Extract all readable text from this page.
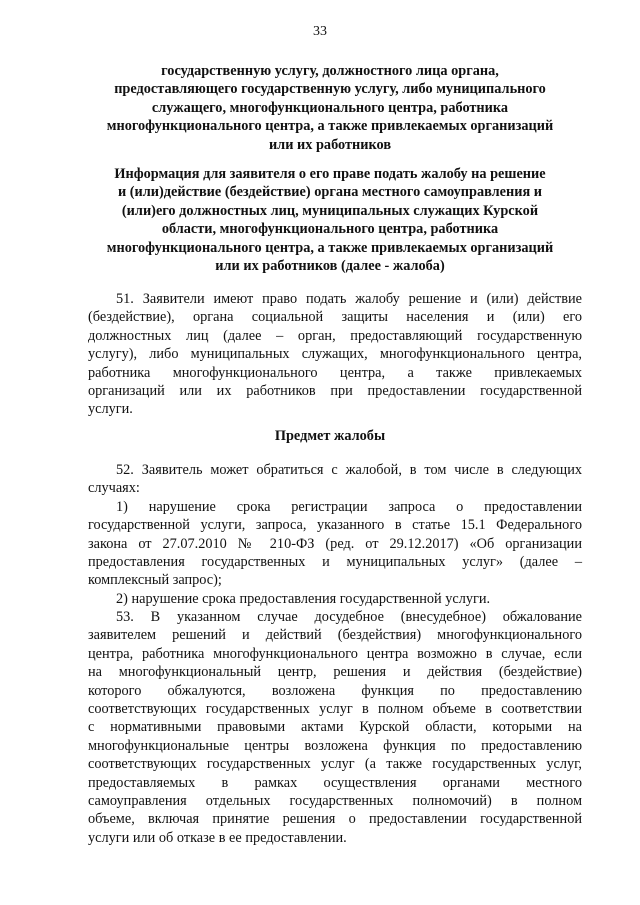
33
государственную услугу, должностного лица органа,
предоставляющего государственную услугу, либо муниципального
служащего, многофункционального центра, работника
многофункционального центра, а также привлекаемых организаций
или их работников
Информация для заявителя о его праве подать жалобу на решение
и (или)действие (бездействие) органа местного самоуправления и
(или)его должностных лиц, муниципальных служащих Курской
области, многофункционального центра, работника
многофункционального центра, а также привлекаемых организаций
или их работников (далее - жалоба)
51. Заявители имеют право подать жалобу решение и (или) действие
(бездействие), органа социальной защиты населения и (или) его
должностных лиц (далее – орган, предоставляющий государственную
услугу), либо муниципальных служащих, многофункционального центра,
работника многофункционального центра, а также привлекаемых
организаций или их работников при предоставлении государственной
услуги.
Предмет жалобы
52. Заявитель может обратиться с жалобой, в том числе в следующих
случаях:
1) нарушение срока регистрации запроса о предоставлении
государственной услуги, запроса, указанного в статье 15.1 Федерального
закона от 27.07.2010 № 210-ФЗ (ред. от 29.12.2017) «Об организации
предоставления государственных и муниципальных услуг» (далее –
комплексный запрос);
2) нарушение срока предоставления государственной услуги.
53. В указанном случае досудебное (внесудебное) обжалование
заявителем решений и действий (бездействия) многофункционального
центра, работника многофункционального центра возможно в случае, если
на многофункциональный центр, решения и действия (бездействие)
которого обжалуются, возложена функция по предоставлению
соответствующих государственных услуг в полном объеме в соответствии
с нормативными правовыми актами Курской области, которыми на
многофункциональные центры возложена функция по предоставлению
соответствующих государственных услуг (а также государственных услуг,
предоставляемых в рамках осуществления органами местного
самоуправления отдельных государственных полномочий) в полном
объеме, включая принятие решения о предоставлении государственной
услуги или об отказе в ее предоставлении.
